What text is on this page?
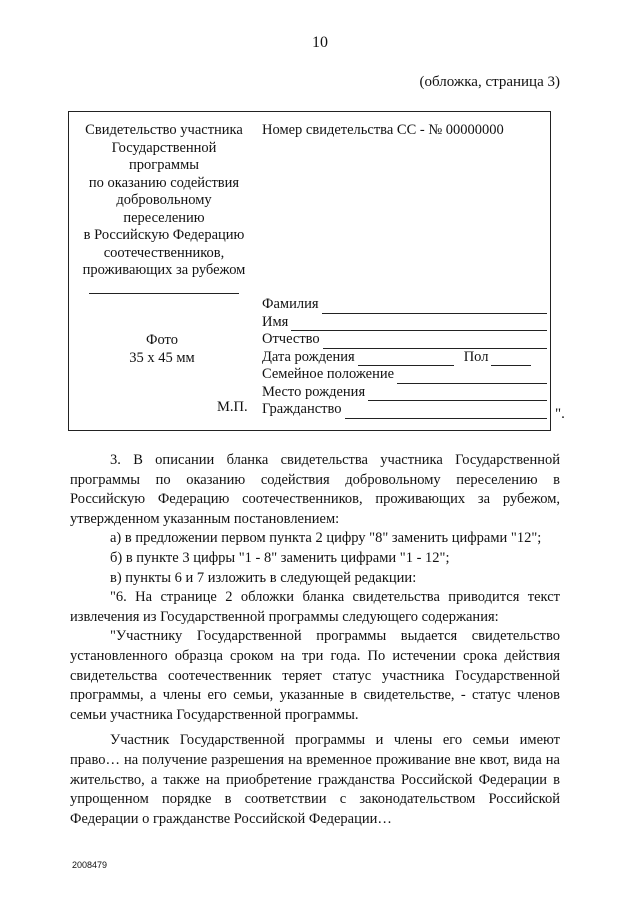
10
(обложка, страница 3)
Свидетельство участника
Государственной
программы
по оказанию содействия
добровольному
переселению
в Российскую Федерацию
соотечественников,
проживающих за рубежом
Фото
35 х 45 мм
М.П.
Номер свидетельства СС - № 00000000
Фамилия
Имя
Отчество
Дата рождения	Пол
Семейное положение
Место рождения
Гражданство	".

3. В описании бланка свидетельства участника Государственной программы по оказанию содействия добровольному переселению в Российскую Федерацию соотечественников, проживающих за рубежом, утвержденном указанным постановлением:

а) в предложении первом пункта 2 цифру "8" заменить цифрами "12";

б) в пункте 3 цифры "1 - 8" заменить цифрами "1 - 12";

в) пункты 6 и 7 изложить в следующей редакции:

"6. На странице 2 обложки бланка свидетельства приводится текст извлечения из Государственной программы следующего содержания:

"Участнику Государственной программы выдается свидетельство установленного образца сроком на три года. По истечении срока действия свидетельства соотечественник теряет статус участника Государственной программы, а члены его семьи, указанные в свидетельстве, - статус членов семьи участника Государственной программы.

Участник Государственной программы и члены его семьи имеют право… на получение разрешения на временное проживание вне квот, вида на жительство, а также на приобретение гражданства Российской Федерации в упрощенном порядке в соответствии с законодательством Российской Федерации о гражданстве Российской Федерации…

2008479
